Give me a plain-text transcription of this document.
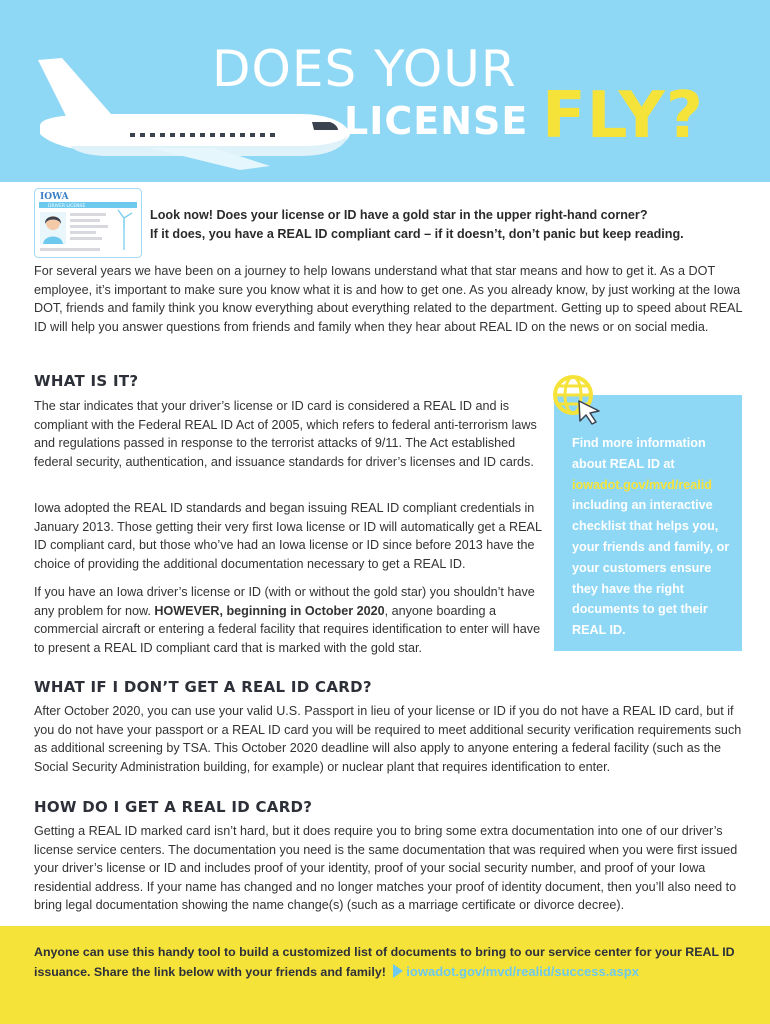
DOES YOUR
LICENSE FLY?
IOWA
DRIVER LICENSE
Look now! Does your license or ID have a gold star in the upper right-hand corner?
If it does, you have a REAL ID compliant card – if it doesn’t, don’t panic but keep reading.

For several years we have been on a journey to help Iowans understand what that star means and how to get it. As a DOT employee, it’s important to make sure you know what it is and how to get one. As you already know, by just working at the Iowa DOT, friends and family think you know everything about everything related to the department. Getting up to speed about REAL ID will help you answer questions from friends and family when they hear about REAL ID on the news or on social media.

WHAT IS IT?

The star indicates that your driver’s license or ID card is considered a REAL ID and is compliant with the Federal REAL ID Act of 2005, which refers to federal anti-terrorism laws and regulations passed in response to the terrorist attacks of 9/11. The Act established federal security, authentication, and issuance standards for driver’s licenses and ID cards.

Iowa adopted the REAL ID standards and began issuing REAL ID compliant credentials in January 2013. Those getting their very first Iowa license or ID will automatically get a REAL ID compliant card, but those who’ve had an Iowa license or ID since before 2013 have the choice of providing the additional documentation necessary to get a REAL ID.

If you have an Iowa driver’s license or ID (with or without the gold star) you shouldn’t have any problem for now. HOWEVER, beginning in October 2020, anyone boarding a commercial aircraft or entering a federal facility that requires identification to enter will have to present a REAL ID compliant card that is marked with the gold star.

Find more information about REAL ID at iowadot.gov/mvd/realid including an interactive checklist that helps you, your friends and family, or your customers ensure they have the right documents to get their REAL ID.
WHAT IF I DON’T GET A REAL ID CARD?

After October 2020, you can use your valid U.S. Passport in lieu of your license or ID if you do not have a REAL ID card, but if you do not have your passport or a REAL ID card you will be required to meet additional security verification requirements such as additional screening by TSA. This October 2020 deadline will also apply to anyone entering a federal facility (such as the Social Security Administration building, for example) or nuclear plant that requires identification to enter.

HOW DO I GET A REAL ID CARD?

Getting a REAL ID marked card isn’t hard, but it does require you to bring some extra documentation into one of our driver’s license service centers. The documentation you need is the same documentation that was required when you were first issued your driver’s license or ID and includes proof of your identity, proof of your social security number, and proof of your Iowa residential address. If your name has changed and no longer matches your proof of identity document, then you’ll also need to bring legal documentation showing the name change(s) (such as a marriage certificate or divorce decree).

Anyone can use this handy tool to build a customized list of documents to bring to our service center for your REAL ID issuance. Share the link below with your friends and family! iowadot.gov/mvd/realid/success.aspx
